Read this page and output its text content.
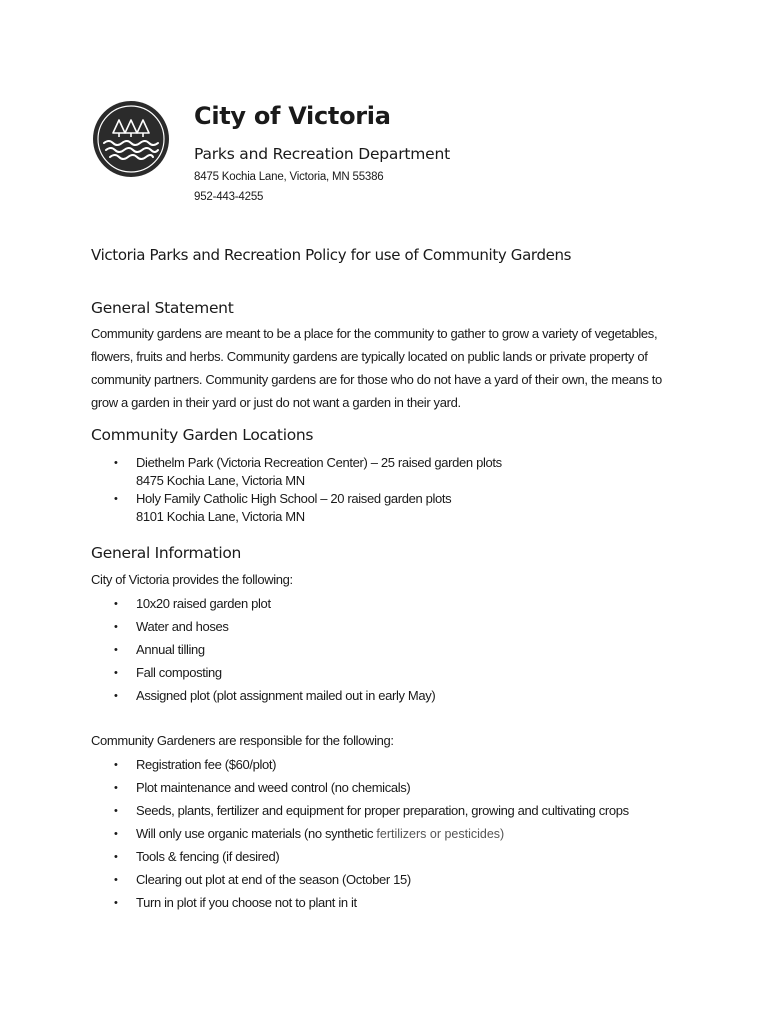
City of Victoria
Parks and Recreation Department
8475 Kochia Lane, Victoria, MN 55386
952-443-4255
Victoria Parks and Recreation Policy for use of Community Gardens
General Statement
Community gardens are meant to be a place for the community to gather to grow a variety of vegetables,
flowers, fruits and herbs. Community gardens are typically located on public lands or private property of
community partners. Community gardens are for those who do not have a yard of their own, the means to
grow a garden in their yard or just do not want a garden in their yard.
Community Garden Locations
• Diethelm Park (Victoria Recreation Center) – 25 raised garden plots
8475 Kochia Lane, Victoria MN
• Holy Family Catholic High School – 20 raised garden plots
8101 Kochia Lane, Victoria MN
General Information
City of Victoria provides the following:
• 10x20 raised garden plot
• Water and hoses
• Annual tilling
• Fall composting
• Assigned plot (plot assignment mailed out in early May)
Community Gardeners are responsible for the following:
• Registration fee ($60/plot)
• Plot maintenance and weed control (no chemicals)
• Seeds, plants, fertilizer and equipment for proper preparation, growing and cultivating crops
• Will only use organic materials (no synthetic fertilizers or pesticides)
• Tools & fencing (if desired)
• Clearing out plot at end of the season (October 15)
• Turn in plot if you choose not to plant in it
